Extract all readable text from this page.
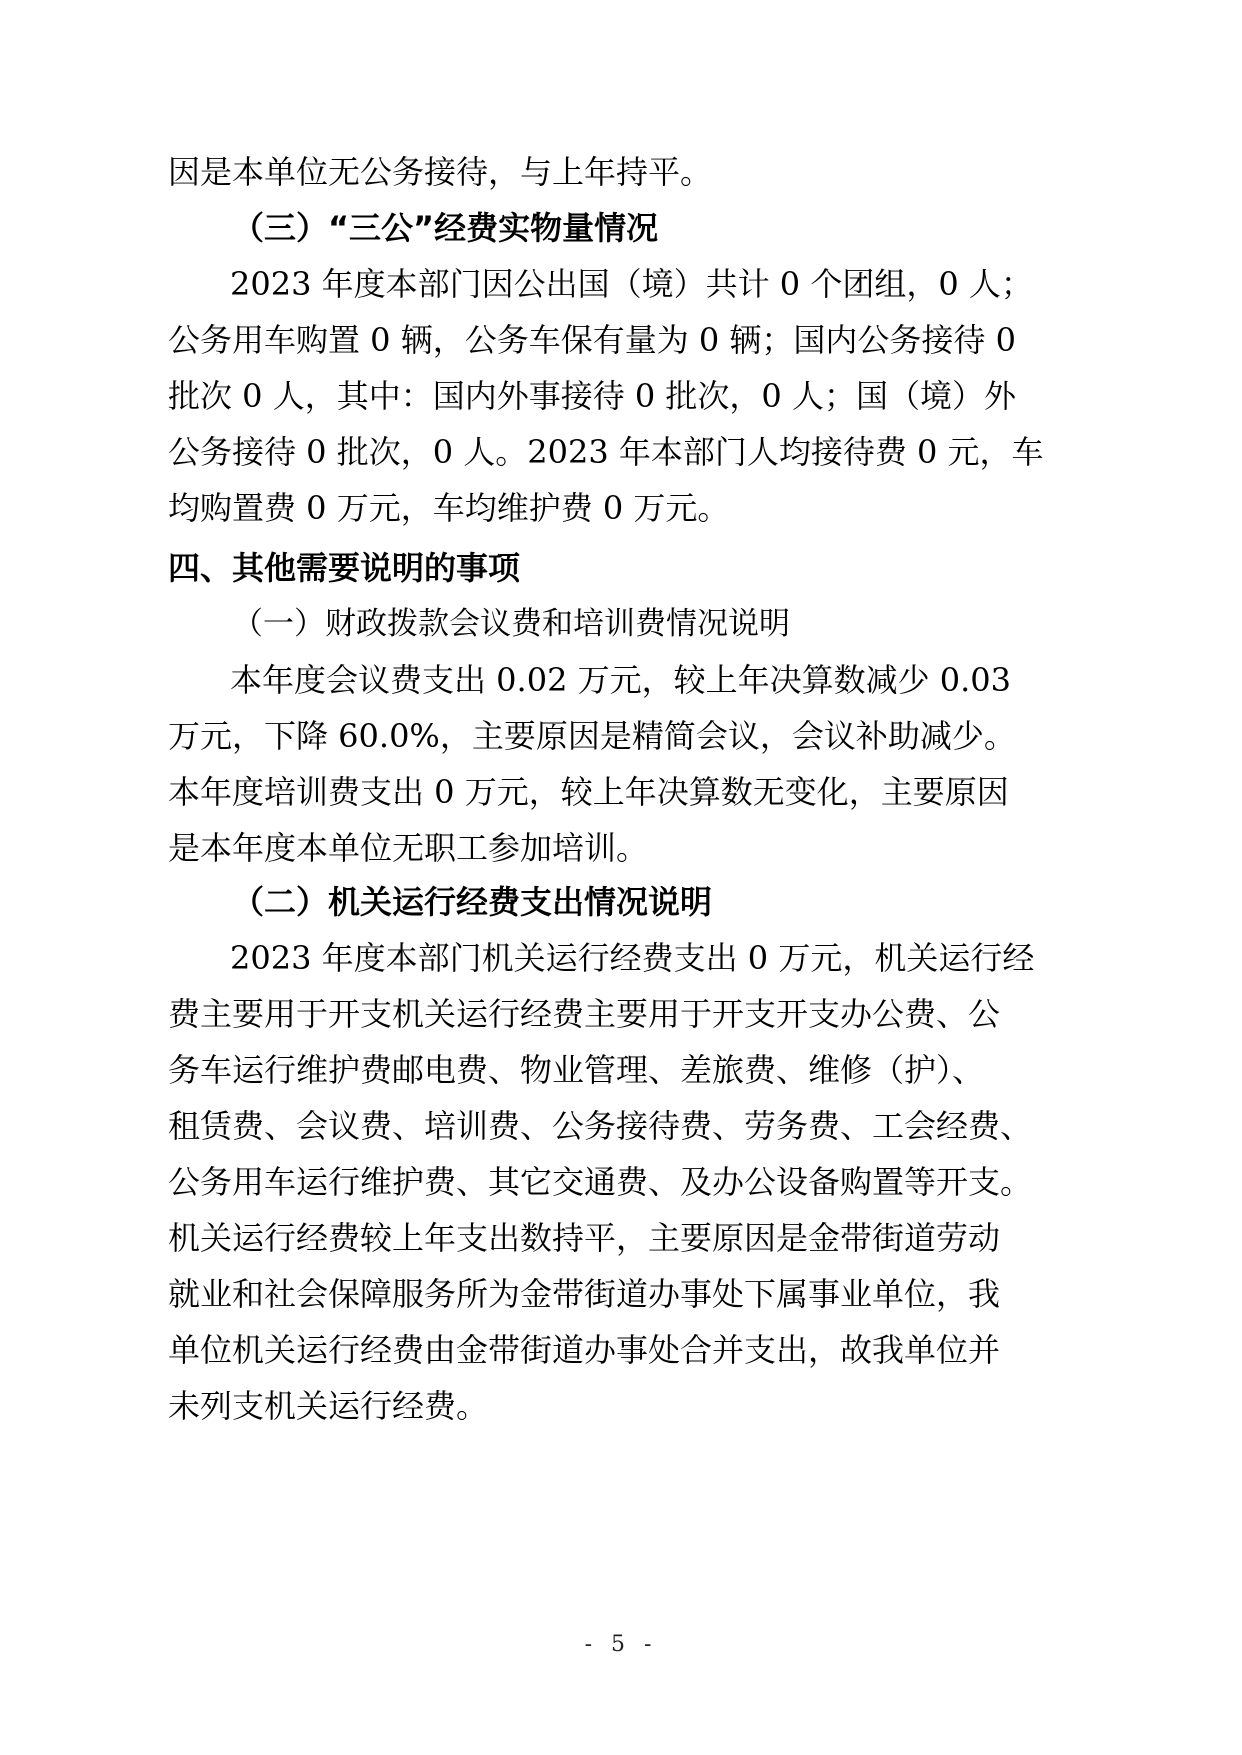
因是本单位无公务接待，与上年持平。

（三）“三公”经费实物量情况

2023 年度本部门因公出国（境）共计 0 个团组，0 人；

公务用车购置 0 辆，公务车保有量为 0 辆；国内公务接待 0

批次 0 人，其中：国内外事接待 0 批次，0 人；国（境）外

公务接待 0 批次，0 人。2023 年本部门人均接待费 0 元，车

均购置费 0 万元，车均维护费 0 万元。

四、其他需要说明的事项

（一）财政拨款会议费和培训费情况说明

本年度会议费支出 0.02 万元，较上年决算数减少 0.03

万元，下降 60.0%，主要原因是精简会议，会议补助减少。

本年度培训费支出 0 万元，较上年决算数无变化，主要原因

是本年度本单位无职工参加培训。

（二）机关运行经费支出情况说明

2023 年度本部门机关运行经费支出 0 万元，机关运行经

费主要用于开支机关运行经费主要用于开支开支办公费、公

务车运行维护费邮电费、物业管理、差旅费、维修（护）、

租赁费、会议费、培训费、公务接待费、劳务费、工会经费、

公务用车运行维护费、其它交通费、及办公设备购置等开支。

机关运行经费较上年支出数持平，主要原因是金带街道劳动

就业和社会保障服务所为金带街道办事处下属事业单位，我

单位机关运行经费由金带街道办事处合并支出，故我单位并

未列支机关运行经费。

- 5 -
